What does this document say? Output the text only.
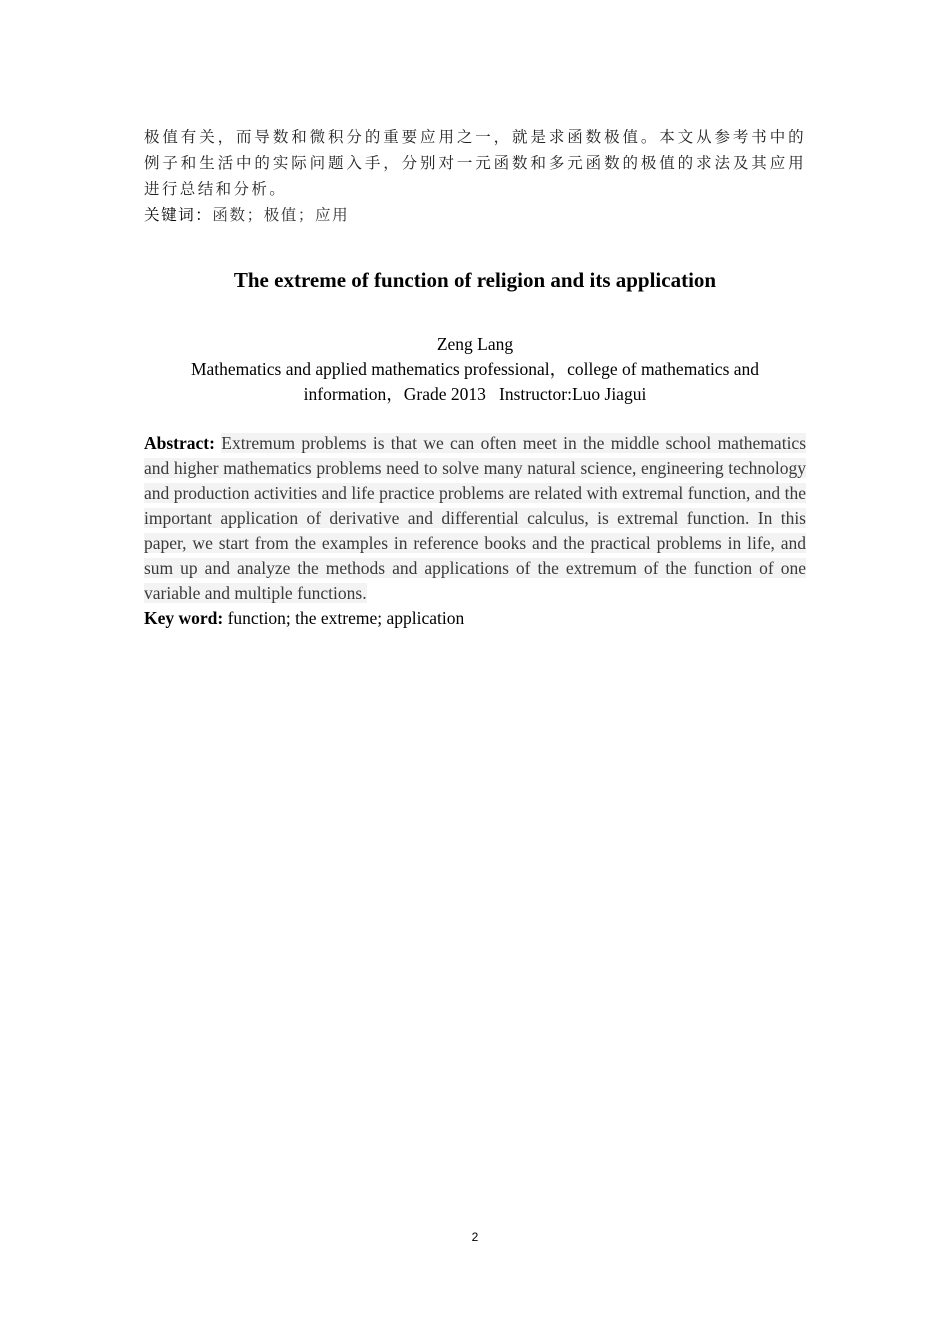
极值有关，而导数和微积分的重要应用之一，就是求函数极值。本文从参考书中的例子和生活中的实际问题入手，分别对一元函数和多元函数的极值的求法及其应用进行总结和分析。

关键词：函数；极值；应用

The extreme of function of religion and its application
Zeng Lang
Mathematics and applied mathematics professional，college of mathematics and
information，Grade 2013   Instructor:Luo Jiagui

Abstract: Extremum problems is that we can often meet in the middle school mathematics and higher mathematics problems need to solve many natural science, engineering technology and production activities and life practice problems are related with extremal function, and the important application of derivative and differential calculus, is extremal function. In this paper, we start from the examples in reference books and the practical problems in life, and sum up and analyze the methods and applications of the extremum of the function of one variable and multiple functions.

Key word: function; the extreme; application

2
